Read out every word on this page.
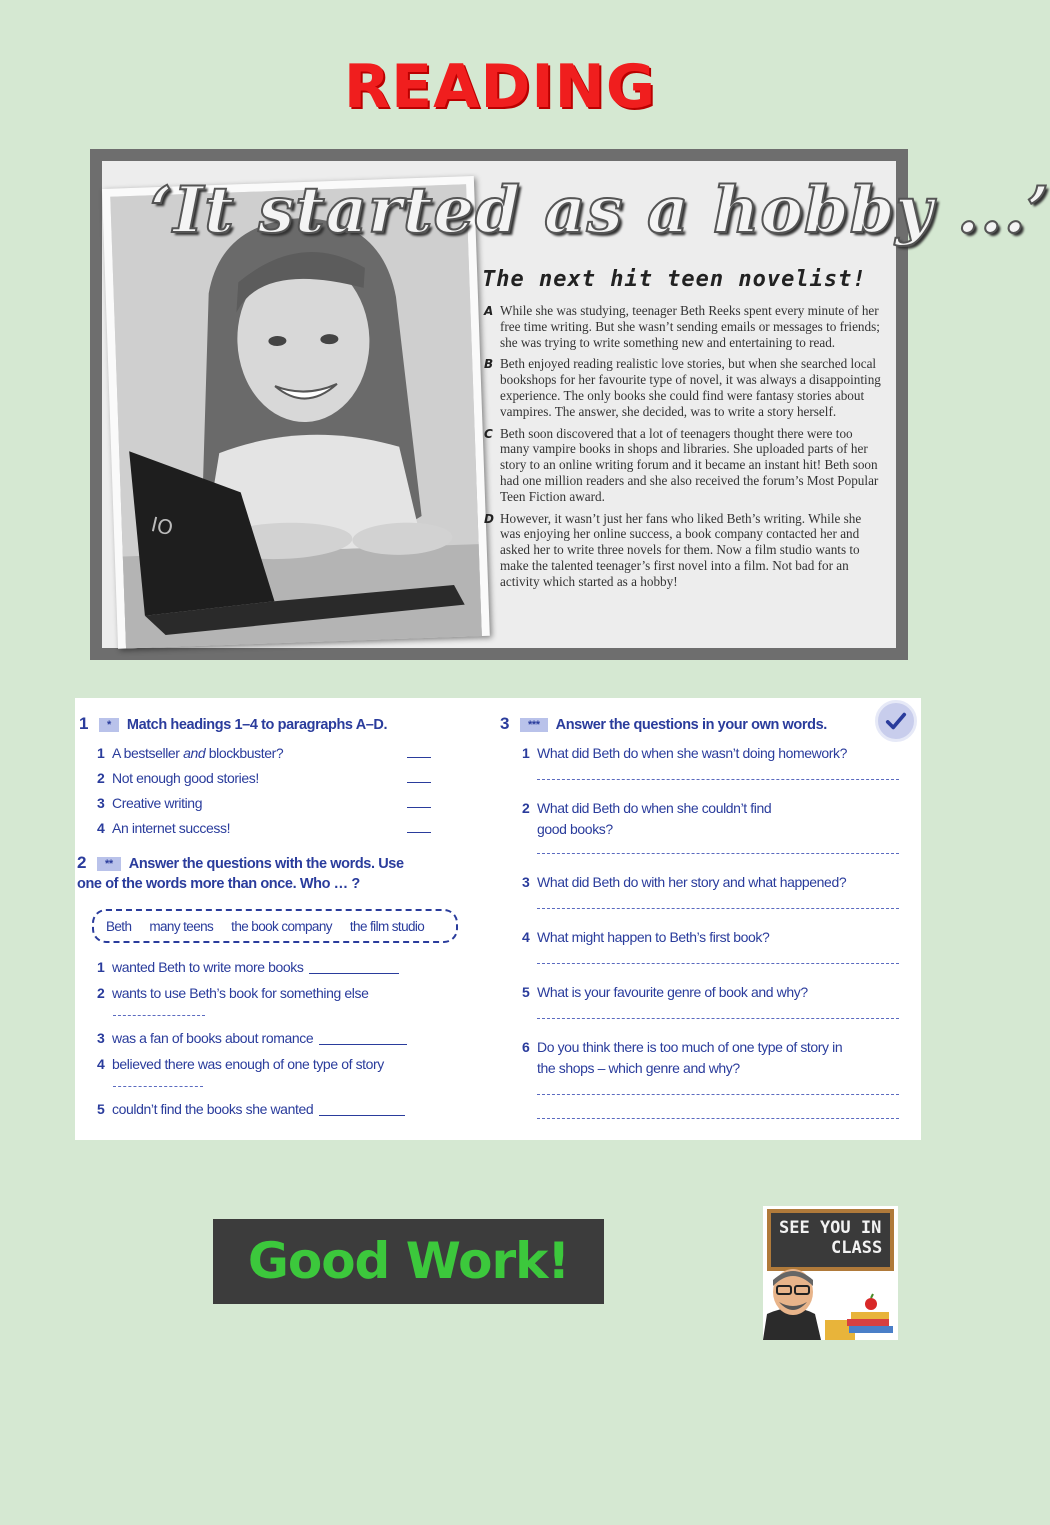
READING
IO
‘It started as a hobby ...’
The next hit teen novelist!
A While she was studying, teenager Beth Reeks spent every minute of her free time writing. But she wasn’t sending emails or messages to friends; she was trying to write something new and entertaining to read.
B Beth enjoyed reading realistic love stories, but when she searched local bookshops for her favourite type of novel, it was always a disappointing experience. The only books she could find were fantasy stories about vampires. The answer, she decided, was to write a story herself.
C Beth soon discovered that a lot of teenagers thought there were too many vampire books in shops and libraries. She uploaded parts of her story to an online writing forum and it became an instant hit! Beth soon had one million readers and she also received the forum’s Most Popular Teen Fiction award.
D However, it wasn’t just her fans who liked Beth’s writing. While she was enjoying her online success, a book company contacted her and asked her to write three novels for them. Now a film studio wants to make the talented teenager’s first novel into a film. Not bad for an activity which started as a hobby!
1 * Match headings 1–4 to paragraphs A–D.
1 A bestseller and blockbuster?
2 Not enough good stories!
3 Creative writing
4 An internet success!
2 ** Answer the questions with the words. Use
one of the words more than once. Who … ?
Beth many teens the book company the film studio
1 wanted Beth to write more books
2 wants to use Beth’s book for something else
3 was a fan of books about romance
4 believed there was enough of one type of story
5 couldn’t find the books she wanted
3 *** Answer the questions in your own words.
1 What did Beth do when she wasn’t doing homework?
2 What did Beth do when she couldn’t find
good books?
3 What did Beth do with her story and what happened?
4 What might happen to Beth’s first book?
5 What is your favourite genre of book and why?
6 Do you think there is too much of one type of story in
the shops – which genre and why?
Good Work!
SEE YOU IN
CLASS
